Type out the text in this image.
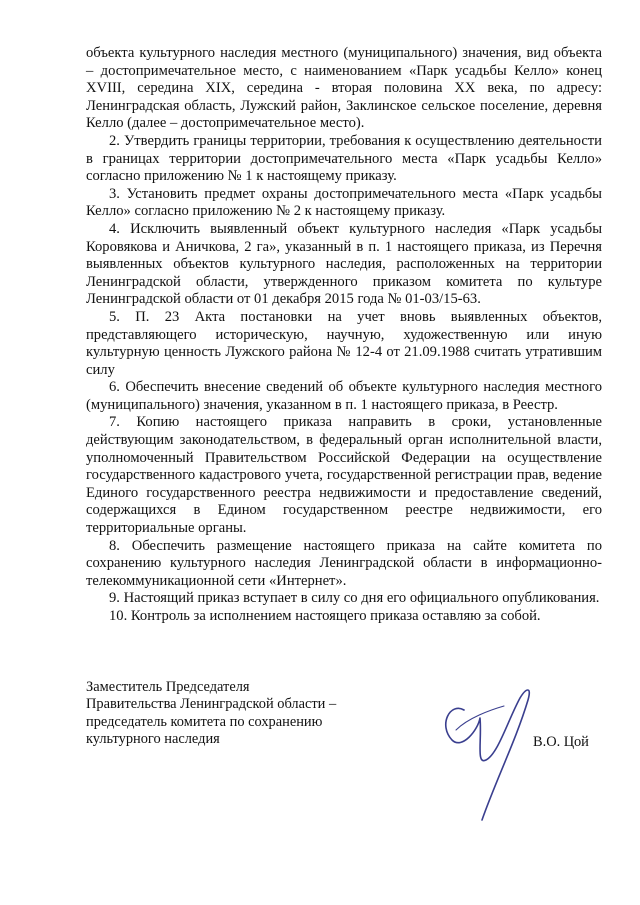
объекта культурного наследия местного (муниципального) значения, вид объекта – достопримечательное место, с наименованием «Парк усадьбы Келло» конец XVIII, середина XIX, середина - вторая половина XX века, по адресу: Ленинградская область, Лужский район, Заклинское сельское поселение, деревня Келло (далее – достопримечательное место).

2. Утвердить границы территории, требования к осуществлению деятельности в границах территории достопримечательного места «Парк усадьбы Келло» согласно приложению № 1 к настоящему приказу.

3. Установить предмет охраны достопримечательного места «Парк усадьбы Келло» согласно приложению № 2 к настоящему приказу.

4. Исключить выявленный объект культурного наследия «Парк усадьбы Коровякова и Аничкова, 2 га», указанный в п. 1 настоящего приказа, из Перечня выявленных объектов культурного наследия, расположенных на территории Ленинградской области, утвержденного приказом комитета по культуре Ленинградской области от 01 декабря 2015 года № 01-03/15-63.

5. П. 23 Акта постановки на учет вновь выявленных объектов, представляющего историческую, научную, художественную или иную культурную ценность Лужского района № 12-4 от 21.09.1988 считать утратившим силу

6. Обеспечить внесение сведений об объекте культурного наследия местного (муниципального) значения, указанном в п. 1 настоящего приказа, в Реестр.

7. Копию настоящего приказа направить в сроки, установленные действующим законодательством, в федеральный орган исполнительной власти, уполномоченный Правительством Российской Федерации на осуществление государственного кадастрового учета, государственной регистрации прав, ведение Единого государственного реестра недвижимости и предоставление сведений, содержащихся в Едином государственном реестре недвижимости, его территориальные органы.

8. Обеспечить размещение настоящего приказа на сайте комитета по сохранению культурного наследия Ленинградской области в информационно-телекоммуникационной сети «Интернет».

9. Настоящий приказ вступает в силу со дня его официального опубликования.

10. Контроль за исполнением настоящего приказа оставляю за собой.

Заместитель Председателя
Правительства Ленинградской области –
председатель комитета по сохранению
культурного наследия	В.О. Цой
